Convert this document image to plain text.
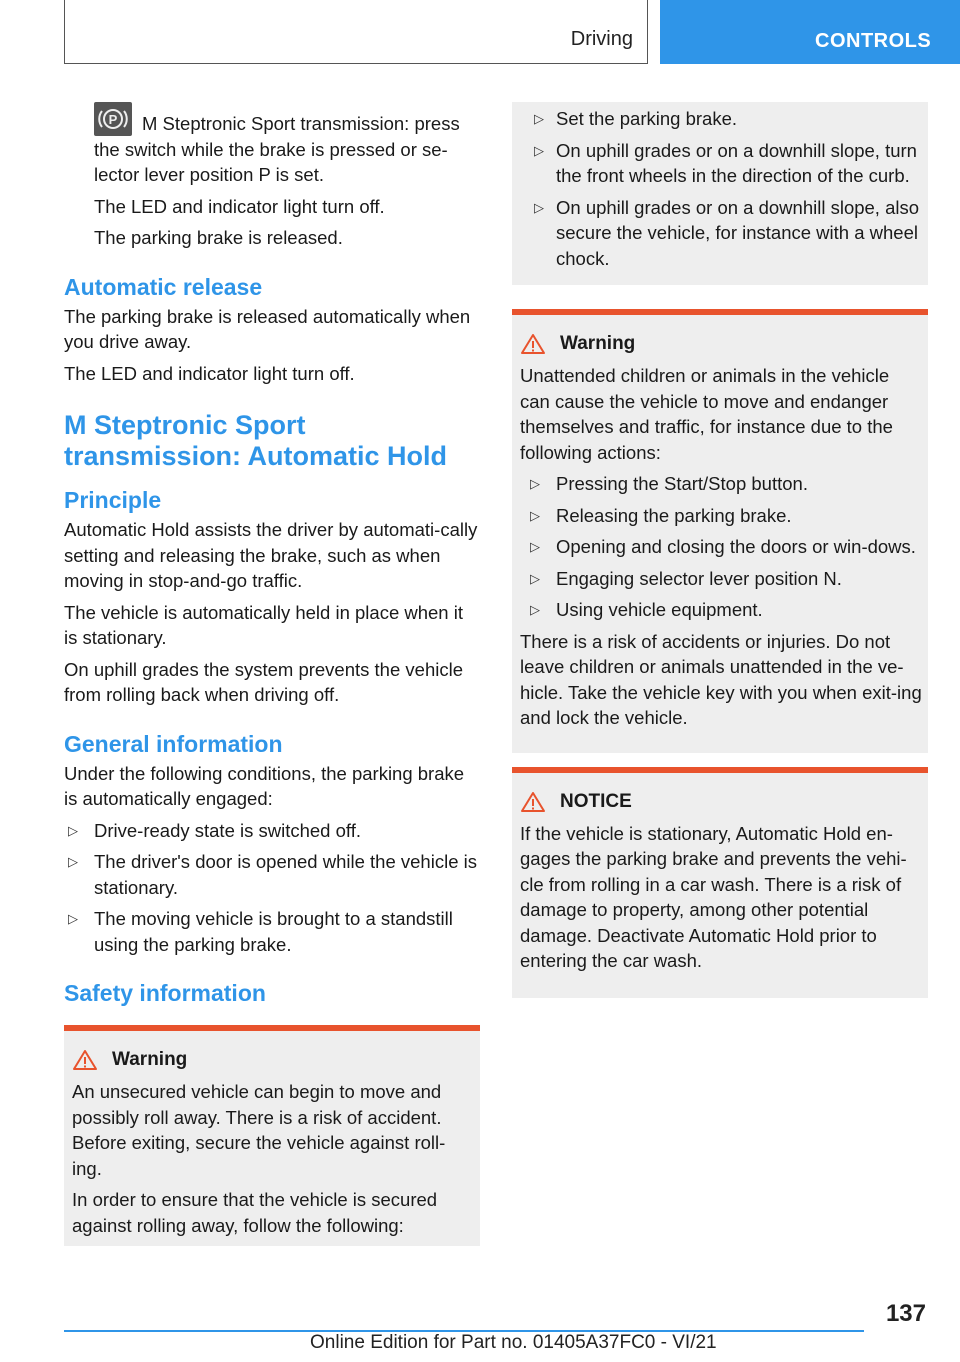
Driving	CONTROLS

P M Steptronic Sport transmission: press the switch while the brake is pressed or se-lector lever position P is set.

The LED and indicator light turn off.

The parking brake is released.

Automatic release

The parking brake is released automatically when you drive away.

The LED and indicator light turn off.

M Steptronic Sport transmission: Automatic Hold
Principle

Automatic Hold assists the driver by automati-cally setting and releasing the brake, such as when moving in stop-and-go traffic.

The vehicle is automatically held in place when it is stationary.

On uphill grades the system prevents the vehicle from rolling back when driving off.

General information

Under the following conditions, the parking brake is automatically engaged:

▷ Drive-ready state is switched off.
▷ The driver's door is opened while the vehicle is stationary.
▷ The moving vehicle is brought to a standstill using the parking brake.
Safety information
Warning

An unsecured vehicle can begin to move and possibly roll away. There is a risk of accident. Before exiting, secure the vehicle against roll-ing.

In order to ensure that the vehicle is secured against rolling away, follow the following:

▷ Set the parking brake.
▷ On uphill grades or on a downhill slope, turn the front wheels in the direction of the curb.
▷ On uphill grades or on a downhill slope, also secure the vehicle, for instance with a wheel chock.
Warning

Unattended children or animals in the vehicle can cause the vehicle to move and endanger themselves and traffic, for instance due to the following actions:

▷ Pressing the Start/Stop button.
▷ Releasing the parking brake.
▷ Opening and closing the doors or win-dows.
▷ Engaging selector lever position N.
▷ Using vehicle equipment.

There is a risk of accidents or injuries. Do not leave children or animals unattended in the ve-hicle. Take the vehicle key with you when exit-ing and lock the vehicle.

NOTICE

If the vehicle is stationary, Automatic Hold en-gages the parking brake and prevents the vehi-cle from rolling in a car wash. There is a risk of damage to property, among other potential damage. Deactivate Automatic Hold prior to entering the car wash.

137
Online Edition for Part no. 01405A37FC0 - VI/21
